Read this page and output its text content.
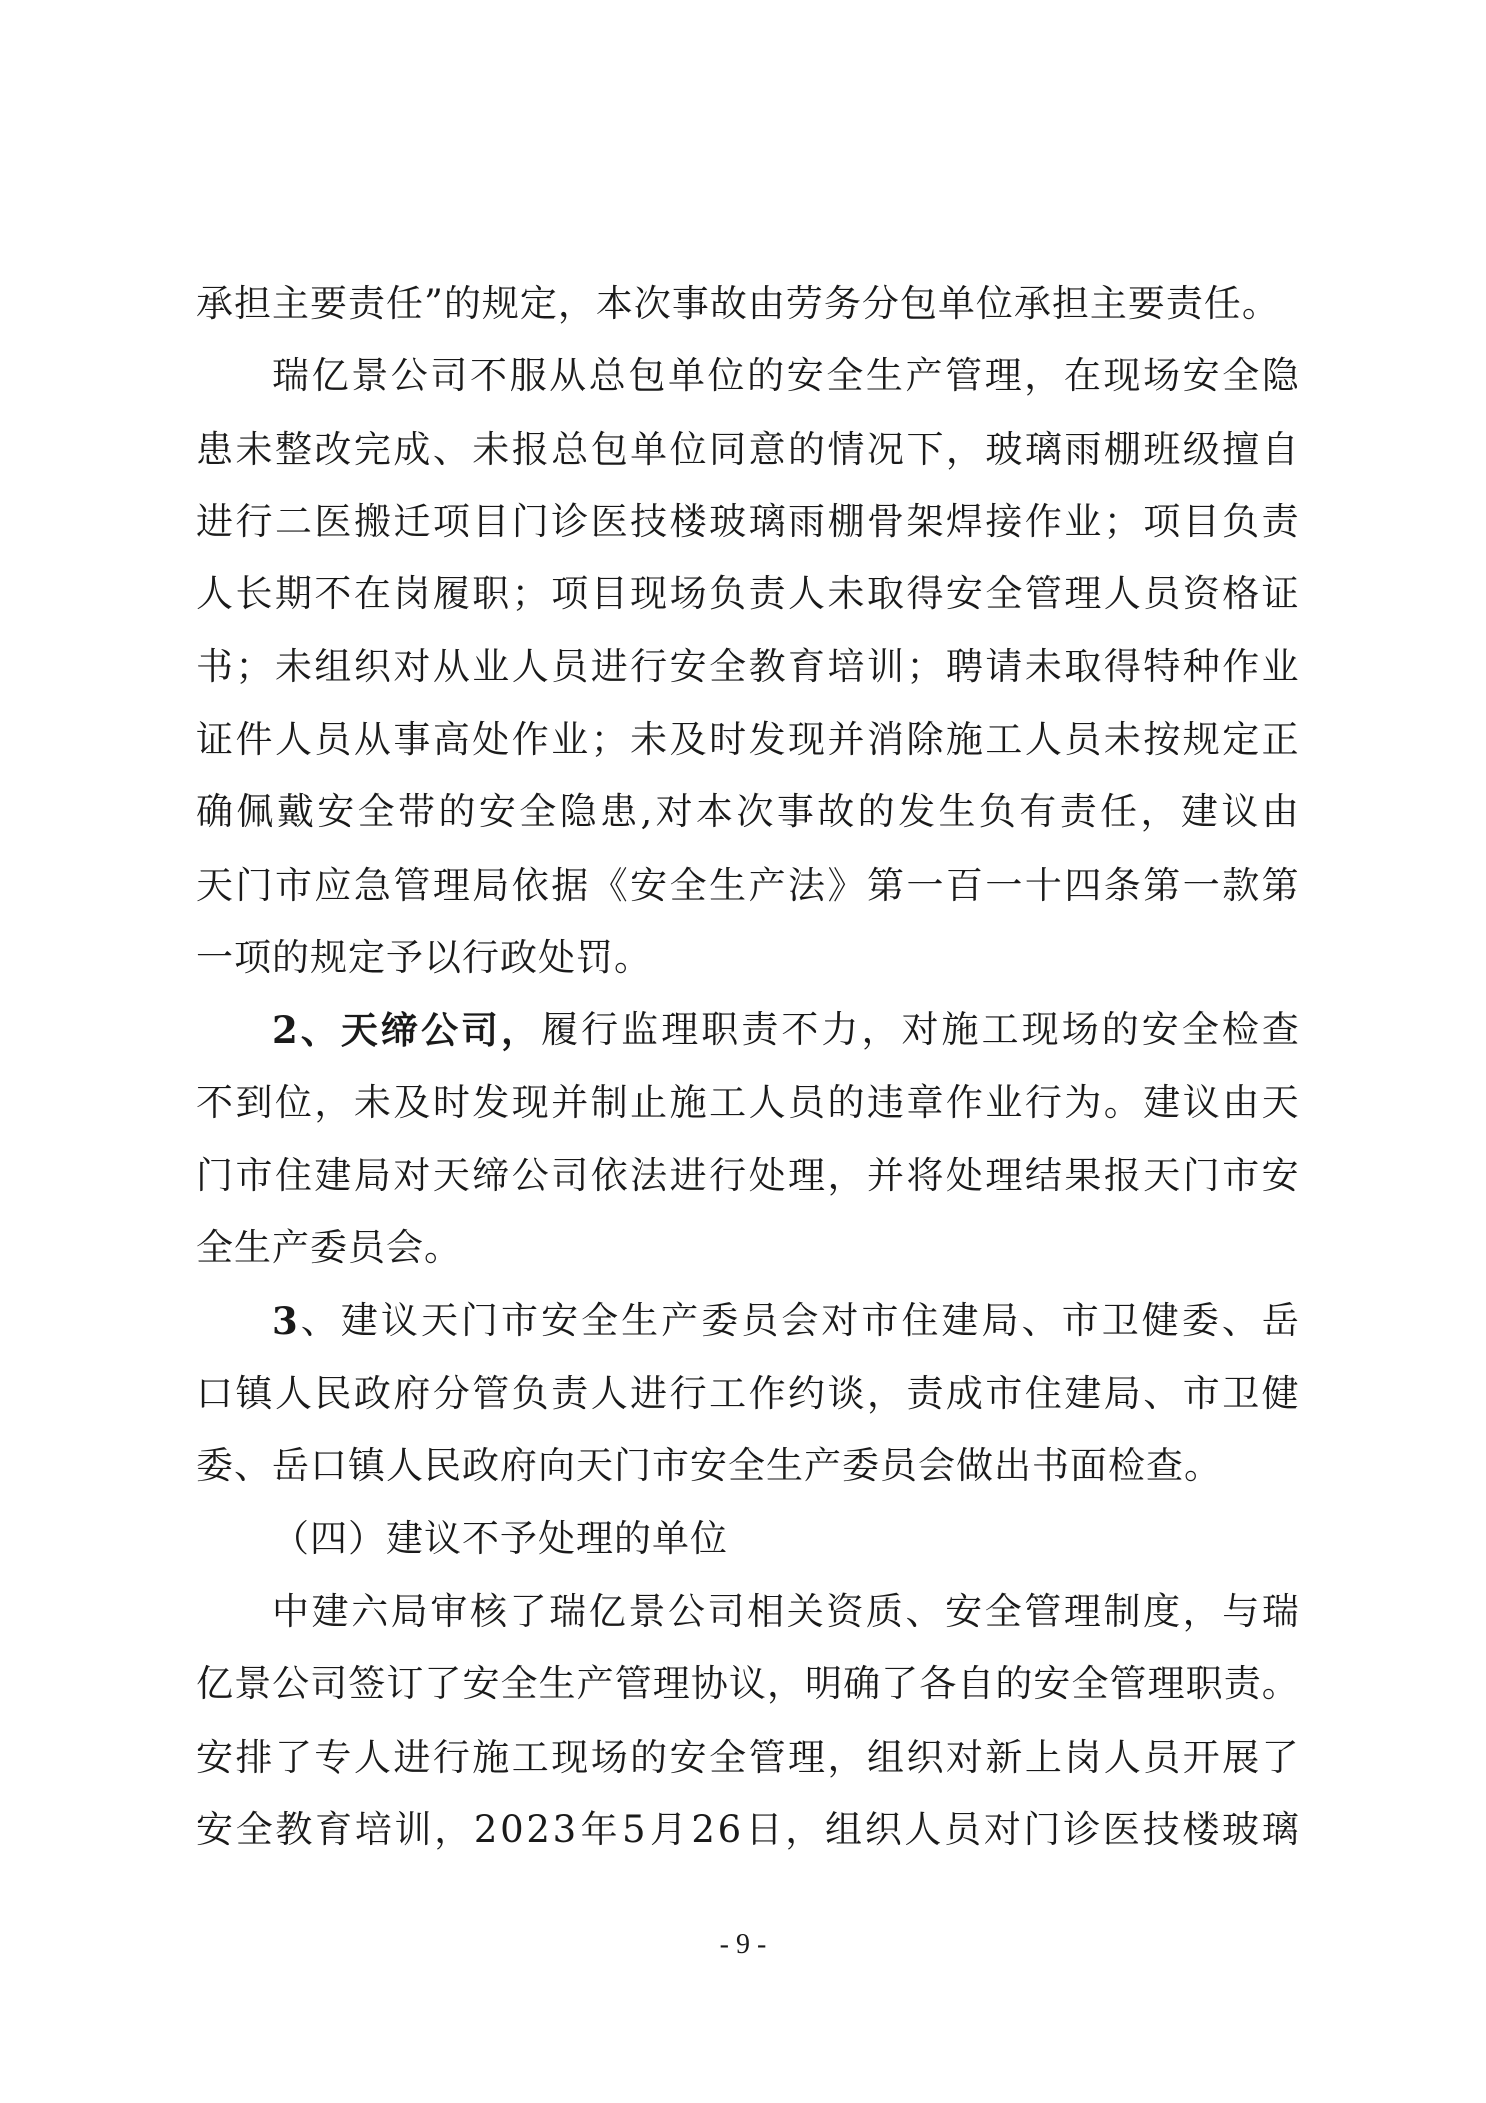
承担主要责任”的规定，本次事故由劳务分包单位承担主要责任。
瑞 亿 景 公 司 不 服 从 总 包 单 位 的 安 全 生 产 管 理 ， 在 现 场 安 全 隐
患 未 整 改 完 成 、 未 报 总 包 单 位 同 意 的 情 况 下 ， 玻 璃 雨 棚 班 级 擅 自
进 行 二 医 搬 迁 项 目 门 诊 医 技 楼 玻 璃 雨 棚 骨 架 焊 接 作 业 ； 项 目 负 责
人 长 期 不 在 岗 履 职 ； 项 目 现 场 负 责 人 未 取 得 安 全 管 理 人 员 资 格 证
书 ； 未 组 织 对 从 业 人 员 进 行 安 全 教 育 培 训 ； 聘 请 未 取 得 特 种 作 业
证 件 人 员 从 事 高 处 作 业 ； 未 及 时 发 现 并 消 除 施 工 人 员 未 按 规 定 正
确 佩 戴 安 全 带 的 安 全 隐 患 , 对 本 次 事 故 的 发 生 负 有 责 任 ， 建 议 由
天 门 市 应 急 管 理 局 依 据 《 安 全 生 产 法 》 第 一 百 一 十 四 条 第 一 款 第
一项的规定予以行政处罚。
2 、 天 缔 公 司 ， 履 行 监 理 职 责 不 力 ， 对 施 工 现 场 的 安 全 检 查
不 到 位 ， 未 及 时 发 现 并 制 止 施 工 人 员 的 违 章 作 业 行 为 。 建 议 由 天
门 市 住 建 局 对 天 缔 公 司 依 法 进 行 处 理 ， 并 将 处 理 结 果 报 天 门 市 安
全生产委员会。
3 、 建 议 天 门 市 安 全 生 产 委 员 会 对 市 住 建 局 、 市 卫 健 委 、 岳
口 镇 人 民 政 府 分 管 负 责 人 进 行 工 作 约 谈 ， 责 成 市 住 建 局 、 市 卫 健
委、岳口镇人民政府向天门市安全生产委员会做出书面检查。
（四）建议不予处理的单位
中 建 六 局 审 核 了 瑞 亿 景 公 司 相 关 资 质 、 安 全 管 理 制 度 ， 与 瑞
亿 景 公 司 签 订 了 安 全 生 产 管 理 协 议 ， 明 确 了 各 自 的 安 全 管 理 职 责 。
安 排 了 专 人 进 行 施 工 现 场 的 安 全 管 理 ， 组 织 对 新 上 岗 人 员 开 展 了
安 全 教 育 培 训 ， 2 0 2 3 年 5 月 2 6 日 ， 组 织 人 员 对 门 诊 医 技 楼 玻 璃
- 9 -
